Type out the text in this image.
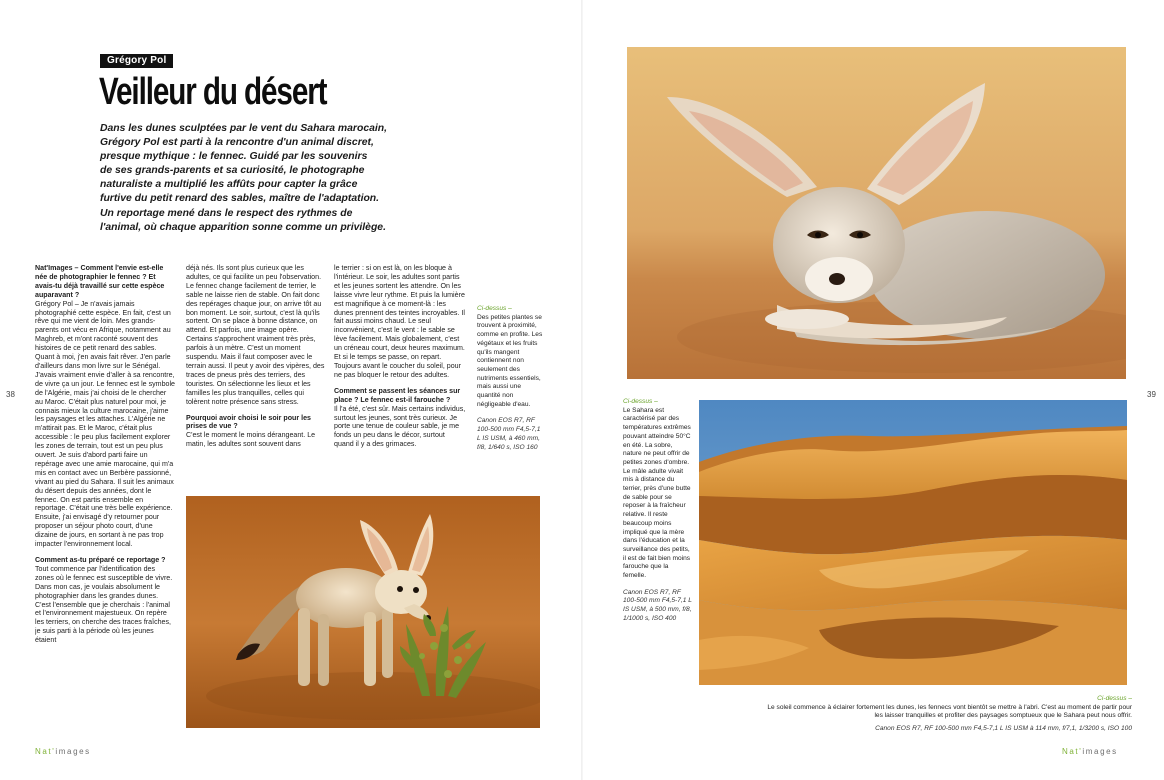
Grégory Pol
Veilleur du désert
Dans les dunes sculptées par le vent du Sahara marocain,
Grégory Pol est parti à la rencontre d'un animal discret,
presque mythique : le fennec. Guidé par les souvenirs
de ses grands-parents et sa curiosité, le photographe
naturaliste a multiplié les affûts pour capter la grâce
furtive du petit renard des sables, maître de l'adaptation.
Un reportage mené dans le respect des rythmes de
l'animal, où chaque apparition sonne comme un privilège.
Nat'Images – Comment l'envie est-elle née de photographier le fennec ? Et avais-tu déjà travaillé sur cette espèce auparavant ?
Grégory Pol – Je n'avais jamais photographié cette espèce. En fait, c'est un rêve qui me vient de loin. Mes grands-parents ont vécu en Afrique, notamment au Maghreb, et m'ont raconté souvent des histoires de ce petit renard des sables. Quant à moi, j'en avais fait rêver. J'en parle d'ailleurs dans mon livre sur le Sénégal. J'avais vraiment envie d'aller à sa rencontre, de vivre ça un jour. Le fennec est le symbole de l'Algérie, mais j'ai choisi de le chercher au Maroc. C'était plus naturel pour moi, je connais mieux la culture marocaine, j'aime les paysages et les attaches. L'Algérie ne m'attirait pas. Et le Maroc, c'était plus accessible : le peu plus facilement explorer les zones de terrain, tout est un peu plus ouvert. Je suis d'abord parti faire un repérage avec une amie marocaine, qui m'a mis en contact avec un Berbère passionné, vivant au pied du Sahara. Il suit les animaux du désert depuis des années, dont le fennec. On est partis ensemble en reportage. C'était une très belle expérience. Ensuite, j'ai envisagé d'y retourner pour proposer un séjour photo court, d'une dizaine de jours, en sortant à ne pas trop impacter l'environnement local.
Comment as-tu préparé ce reportage ?
Tout commence par l'identification des zones où le fennec est susceptible de vivre. Dans mon cas, je voulais absolument le photographier dans les grandes dunes. C'est l'ensemble que je cherchais : l'animal et l'environnement majestueux. On repère les terriers, on cherche des traces fraîches, je suis parti à la période où les jeunes étaient
déjà nés. Ils sont plus curieux que les adultes, ce qui facilite un peu l'observation. Le fennec change facilement de terrier, le sable ne laisse rien de stable. On fait donc des repérages chaque jour, on arrive tôt au bon moment. Le soir, surtout, c'est là qu'ils sortent. On se place à bonne distance, on attend. Et parfois, une image opère. Certains s'approchent vraiment très près, parfois à un mètre. C'est un moment suspendu. Mais il faut composer avec le terrain aussi. Il peut y avoir des vipères, des traces de pneus près des terriers, des touristes. On sélectionne les lieux et les familles les plus tranquilles, celles qui tolèrent notre présence sans stress.
Pourquoi avoir choisi le soir pour les prises de vue ?
C'est le moment le moins dérangeant. Le matin, les adultes sont souvent dans
le terrier : si on est là, on les bloque à l'intérieur. Le soir, les adultes sont partis et les jeunes sortent les attendre. On les laisse vivre leur rythme. Et puis la lumière est magnifique à ce moment-là : les dunes prennent des teintes incroyables. Il fait aussi moins chaud. Le seul inconvénient, c'est le vent : le sable se lève facilement. Mais globalement, c'est un créneau court, deux heures maximum. Et si le temps se passe, on repart. Toujours avant le coucher du soleil, pour ne pas bloquer le retour des adultes.
Comment se passent les séances sur place ? Le fennec est-il farouche ?
Il l'a été, c'est sûr. Mais certains individus, surtout les jeunes, sont très curieux. Je porte une tenue de couleur sable, je me fonds un peu dans le décor, surtout quand il y a des grimaces.
Ci-dessus –
Des petites plantes se trouvent à proximité, comme en profite. Les végétaux et les fruits qu'ils mangent contiennent non seulement des nutriments essentiels, mais aussi une quantité non négligeable d'eau.
Canon EOS R7, RF 100-500 mm F4,5-7,1 L IS USM, à 460 mm, f/8, 1/640 s, ISO 160
38
Nat'images
Ci-dessus –
Le Sahara est caractérisé par des températures extrêmes pouvant atteindre 50°C en été. La sobre, nature ne peut offrir de petites zones d'ombre. Le mâle adulte vivait mis à distance du terrier, près d'une butte de sable pour se reposer à la fraîcheur relative. Il reste beaucoup moins impliqué que la mère dans l'éducation et la surveillance des petits, il est de fait bien moins farouche que la femelle.
Canon EOS R7, RF 100-500 mm F4,5-7,1 L IS USM, à 500 mm, f/8, 1/1000 s, ISO 400
Ci-dessus –
Le soleil commence à éclairer fortement les dunes, les fennecs vont bientôt se mettre à l'abri. C'est au moment de partir pour les laisser tranquilles et profiter des paysages somptueux que le Sahara peut nous offrir.
Canon EOS R7, RF 100-500 mm F4,5-7,1 L IS USM à 114 mm, f/7,1, 1/3200 s, ISO 100
39
Nat'images
